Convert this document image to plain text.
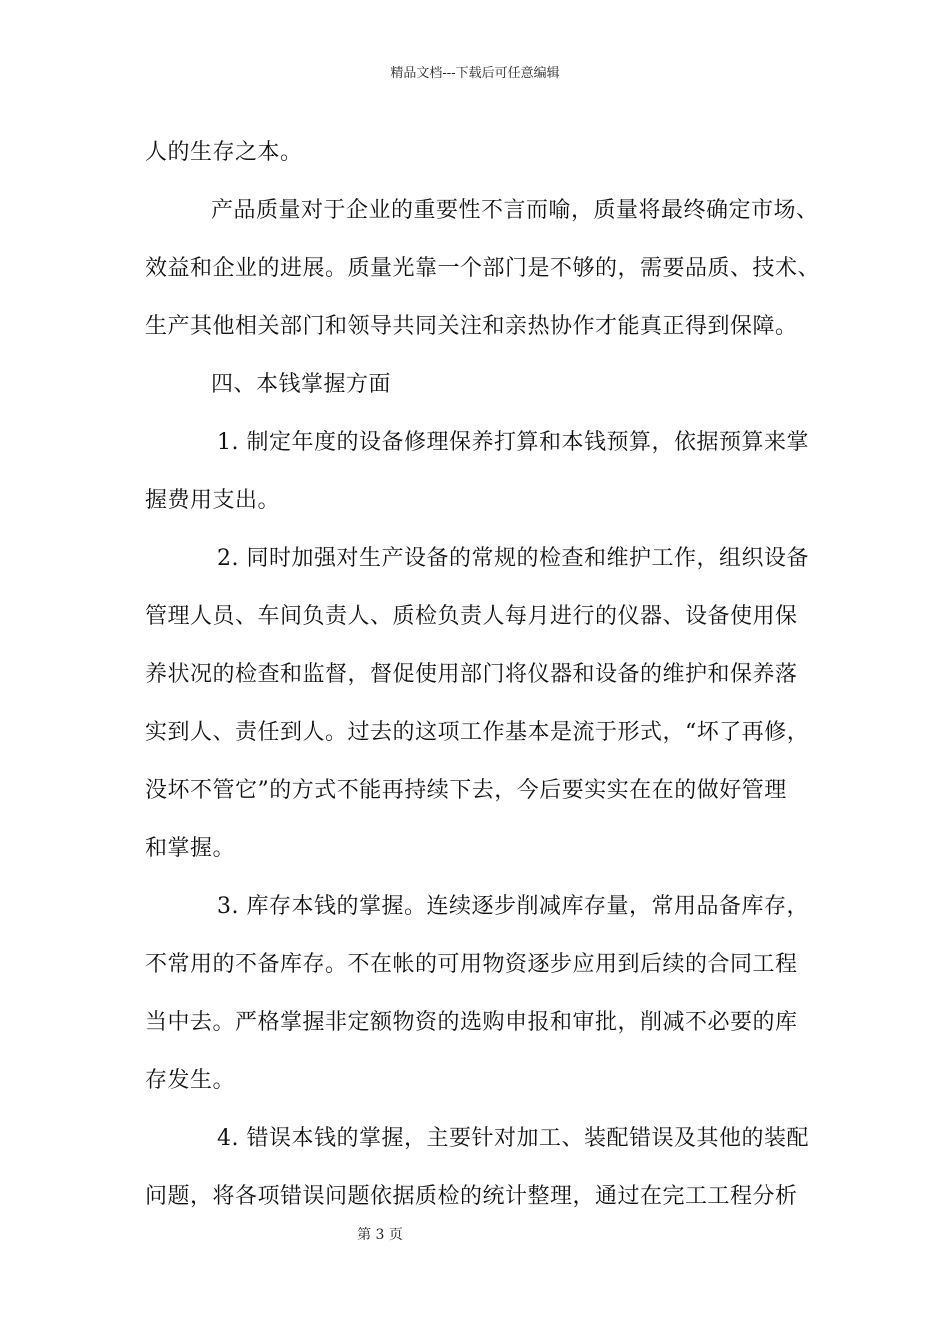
精品文档---下载后可任意编辑
人的生存之本。
产品质量对于企业的重要性不言而喻，质量将最终确定市场、
效益和企业的进展。质量光靠一个部门是不够的，需要品质、技术、
生产其他相关部门和领导共同关注和亲热协作才能真正得到保障。
四、本钱掌握方面
1. 制定年度的设备修理保养打算和本钱预算，依据预算来掌
握费用支出。
2. 同时加强对生产设备的常规的检查和维护工作，组织设备
管理人员、车间负责人、质检负责人每月进行的仪器、设备使用保
养状况的检查和监督，督促使用部门将仪器和设备的维护和保养落
实到人、责任到人。过去的这项工作基本是流于形式，“坏了再修，
没坏不管它”的方式不能再持续下去，今后要实实在在的做好管理
和掌握。
3. 库存本钱的掌握。连续逐步削减库存量，常用品备库存，
不常用的不备库存。不在帐的可用物资逐步应用到后续的合同工程
当中去。严格掌握非定额物资的选购申报和审批，削减不必要的库
存发生。
4. 错误本钱的掌握，主要针对加工、装配错误及其他的装配
问题，将各项错误问题依据质检的统计整理，通过在完工工程分析
第 3 页
